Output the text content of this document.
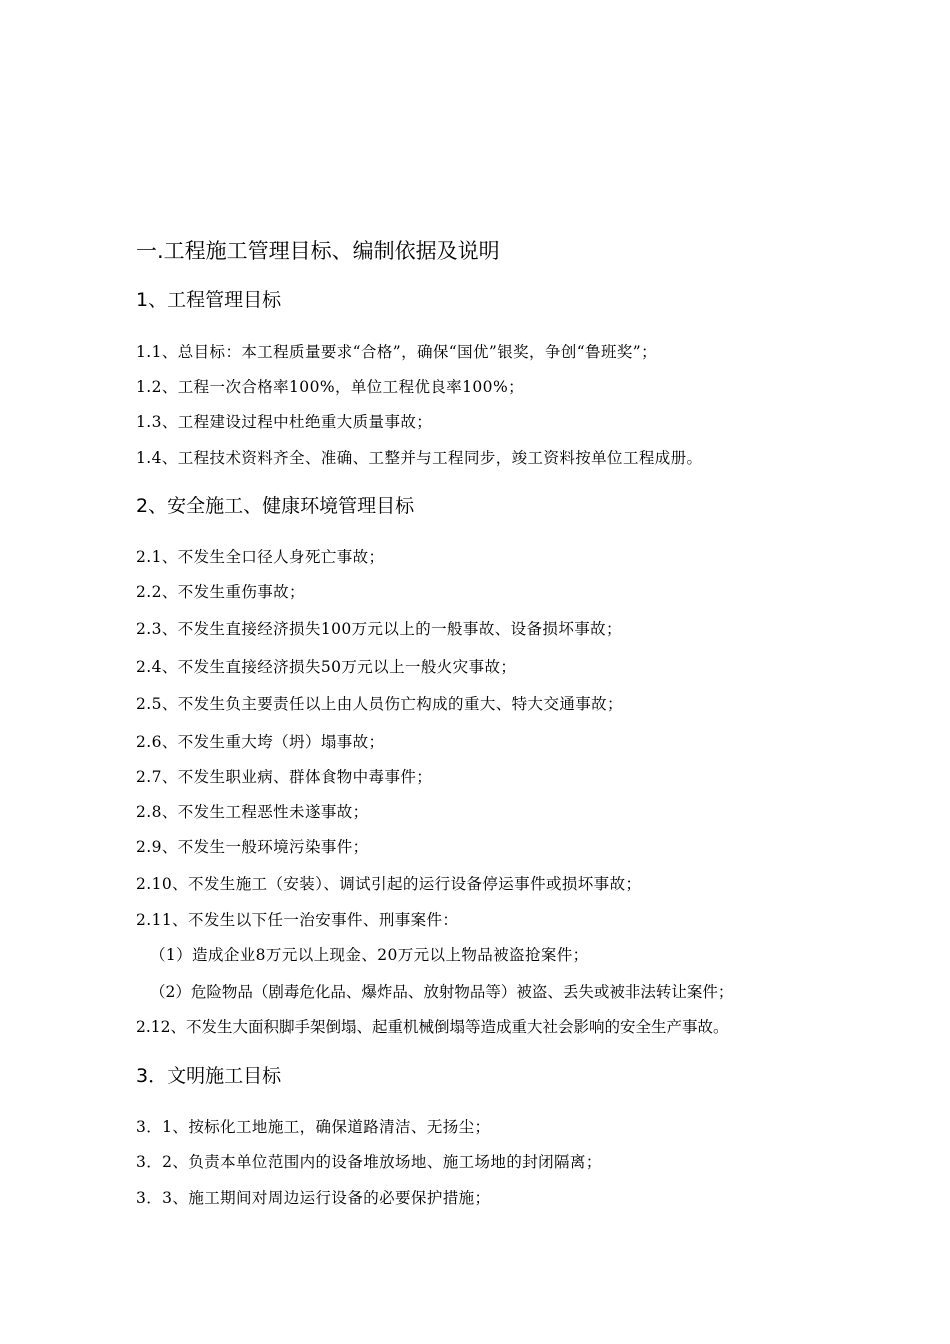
一.工程施工管理目标、编制依据及说明
1、工程管理目标
1.1、总目标：本工程质量要求“合格”，确保“国优”银奖，争创“鲁班奖”；
1.2、工程一次合格率100%，单位工程优良率100%；
1.3、工程建设过程中杜绝重大质量事故；
1.4、工程技术资料齐全、准确、工整并与工程同步，竣工资料按单位工程成册。
2、安全施工、健康环境管理目标
2.1、不发生全口径人身死亡事故；
2.2、不发生重伤事故；
2.3、不发生直接经济损失100万元以上的一般事故、设备损坏事故；
2.4、不发生直接经济损失50万元以上一般火灾事故；
2.5、不发生负主要责任以上由人员伤亡构成的重大、特大交通事故；
2.6、不发生重大垮（坍）塌事故；
2.7、不发生职业病、群体食物中毒事件；
2.8、不发生工程恶性未遂事故；
2.9、不发生一般环境污染事件；
2.10、不发生施工（安装）、调试引起的运行设备停运事件或损坏事故；
2.11、不发生以下任一治安事件、刑事案件：
（1）造成企业8万元以上现金、20万元以上物品被盗抢案件；
（2）危险物品（剧毒危化品、爆炸品、放射物品等）被盗、丢失或被非法转让案件；
2.12、不发生大面积脚手架倒塌、起重机械倒塌等造成重大社会影响的安全生产事故。
3．文明施工目标
3．1、按标化工地施工，确保道路清洁、无扬尘；
3．2、负责本单位范围内的设备堆放场地、施工场地的封闭隔离；
3．3、施工期间对周边运行设备的必要保护措施；
